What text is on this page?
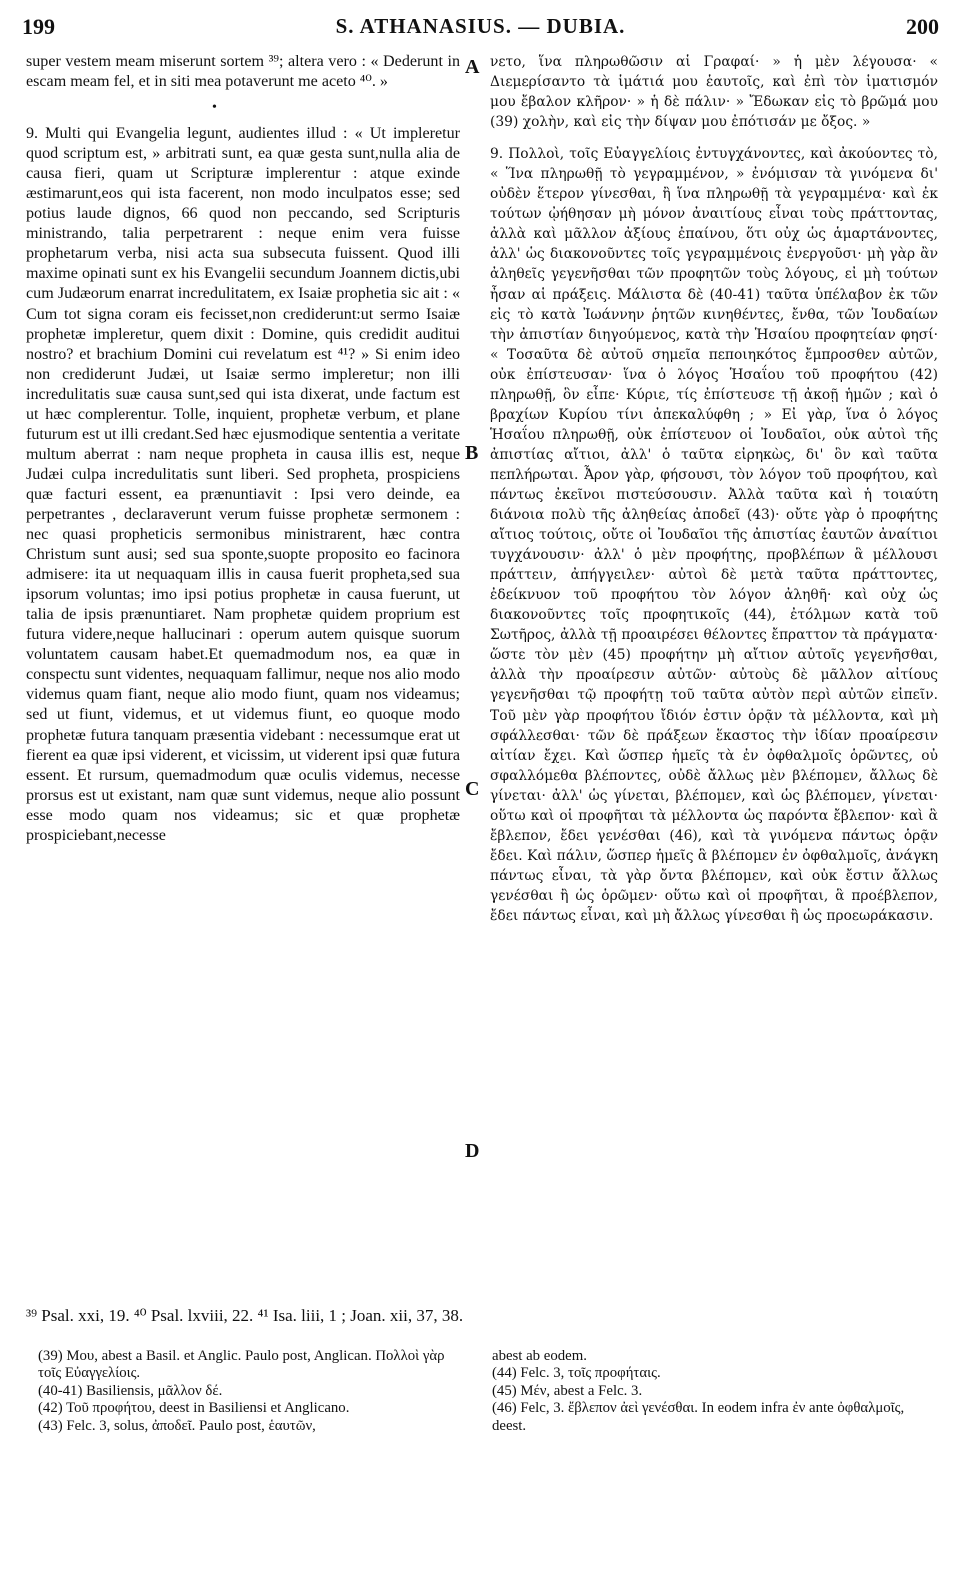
199	S. ATHANASIUS. — DUBIA.	200

super vestem meam miserunt sortem ³⁹; altera vero : « Dederunt in escam meam fel, et in siti mea potaverunt me aceto ⁴⁰. »

9. Multi qui Evangelia legunt, audientes illud : « Ut impleretur quod scriptum est, » arbitrati sunt, ea quæ gesta sunt,nulla alia de causa fieri, quam ut Scripturæ implerentur : atque exinde æstimarunt,eos qui ista facerent, non modo inculpatos esse; sed potius laude dignos, 66 quod non peccando, sed Scripturis ministrando, talia perpetrarent : neque enim vera fuisse prophetarum verba, nisi acta sua subsecuta fuissent. Quod illi maxime opinati sunt ex his Evangelii secundum Joannem dictis,ubi cum Judæorum enarrat incredulitatem, ex Isaiæ prophetia sic ait : « Cum tot signa coram eis fecisset,non crediderunt:ut sermo Isaiæ prophetæ impleretur, quem dixit : Domine, quis credidit auditui nostro? et brachium Domini cui revelatum est ⁴¹? » Si enim ideo non crediderunt Judæi, ut Isaiæ sermo impleretur; non illi incredulitatis suæ causa sunt,sed qui ista dixerat, unde factum est ut hæc complerentur. Tolle, inquient, prophetæ verbum, et plane futurum est ut illi credant.Sed hæc ejusmodique sententia a veritate multum aberrat : nam neque propheta in causa illis est, neque Judæi culpa incredulitatis sunt liberi. Sed propheta, prospiciens quæ facturi essent, ea prænuntiavit : Ipsi vero deinde, ea perpetrantes , declaraverunt verum fuisse prophetæ sermonem : nec quasi propheticis sermonibus ministrarent, hæc contra Christum sunt ausi; sed sua sponte,suopte proposito eo facinora admisere: ita ut nequaquam illis in causa fuerit propheta,sed sua ipsorum voluntas; imo ipsi potius prophetæ in causa fuerunt, ut talia de ipsis prænuntiaret. Nam prophetæ quidem proprium est futura videre,neque hallucinari : operum autem quisque suorum voluntatem causam habet.Et quemadmodum nos, ea quæ in conspectu sunt videntes, nequaquam fallimur, neque nos alio modo videmus quam fiant, neque alio modo fiunt, quam nos videamus; sed ut fiunt, videmus, et ut videmus fiunt, eo quoque modo prophetæ futura tanquam præsentia videbant : necessumque erat ut fierent ea quæ ipsi viderent, et vicissim, ut viderent ipsi quæ futura essent. Et rursum, quemadmodum quæ oculis videmus, necesse prorsus est ut existant, nam quæ sunt videmus, neque alio possunt esse modo quam nos videamus; sic et quæ prophetæ prospiciebant,necesse

•

νετο, ἵνα πληρωθῶσιν αἱ Γραφαί· » ἡ μὲν λέγουσα· « Διεμερίσαντο τὰ ἱμάτιά μου ἑαυτοῖς, καὶ ἐπὶ τὸν ἱματισμόν μου ἔβαλον κλῆρον· » ἡ δὲ πάλιν· » Ἔδωκαν εἰς τὸ βρῶμά μου (39) χολὴν, καὶ εἰς τὴν δίψαν μου ἐπότισάν με ὄξος. »

9. Πολλοὶ, τοῖς Εὐαγγελίοις ἐντυγχάνοντες, καὶ ἀκούοντες τὸ, « Ἵνα πληρωθῇ τὸ γεγραμμένον, » ἐνόμισαν τὰ γινόμενα δι' οὐδὲν ἕτερον γίνεσθαι, ἢ ἵνα πληρωθῇ τὰ γεγραμμένα· καὶ ἐκ τούτων ᾠήθησαν μὴ μόνον ἀναιτίους εἶναι τοὺς πράττοντας, ἀλλὰ καὶ μᾶλλον ἀξίους ἐπαίνου, ὅτι οὐχ ὡς ἁμαρτάνοντες, ἀλλ' ὡς διακονοῦντες τοῖς γεγραμμένοις ἐνεργοῦσι· μὴ γὰρ ἂν ἀληθεῖς γεγενῆσθαι τῶν προφητῶν τοὺς λόγους, εἰ μὴ τούτων ἦσαν αἱ πράξεις. Μάλιστα δὲ (40-41) ταῦτα ὑπέλαβον ἐκ τῶν εἰς τὸ κατὰ Ἰωάννην ῥητῶν κινηθέντες, ἔνθα, τῶν Ἰουδαίων τὴν ἀπιστίαν διηγούμενος, κατὰ τὴν Ἡσαίου προφητείαν φησί· « Τοσαῦτα δὲ αὐτοῦ σημεῖα πεποιηκότος ἔμπροσθεν αὐτῶν, οὐκ ἐπίστευσαν· ἵνα ὁ λόγος Ἡσαΐου τοῦ προφήτου (42) πληρωθῇ, ὃν εἶπε· Κύριε, τίς ἐπίστευσε τῇ ἀκοῇ ἡμῶν ; καὶ ὁ βραχίων Κυρίου τίνι ἀπεκαλύφθη ; » Εἰ γὰρ, ἵνα ὁ λόγος Ἡσαΐου πληρωθῇ, οὐκ ἐπίστευον οἱ Ἰουδαῖοι, οὐκ αὐτοὶ τῆς ἀπιστίας αἴτιοι, ἀλλ' ὁ ταῦτα εἰρηκὼς, δι' ὃν καὶ ταῦτα πεπλήρωται. Ἆρον γὰρ, φήσουσι, τὸν λόγον τοῦ προφήτου, καὶ πάντως ἐκεῖνοι πιστεύσουσιν. Ἀλλὰ ταῦτα καὶ ἡ τοιαύτη διάνοια πολὺ τῆς ἀληθείας ἀποδεῖ (43)· οὔτε γὰρ ὁ προφήτης αἴτιος τούτοις, οὔτε οἱ Ἰουδαῖοι τῆς ἀπιστίας ἑαυτῶν ἀναίτιοι τυγχάνουσιν· ἀλλ' ὁ μὲν προφήτης, προβλέπων ἃ μέλλουσι πράττειν, ἀπήγγειλεν· αὐτοὶ δὲ μετὰ ταῦτα πράττοντες, ἐδείκνυον τοῦ προφήτου τὸν λόγον ἀληθῆ· καὶ οὐχ ὡς διακονοῦντες τοῖς προφητικοῖς (44), ἐτόλμων κατὰ τοῦ Σωτῆρος, ἀλλὰ τῇ προαιρέσει θέλοντες ἔπραττον τὰ πράγματα· ὥστε τὸν μὲν (45) προφήτην μὴ αἴτιον αὐτοῖς γεγενῆσθαι, ἀλλὰ τὴν προαίρεσιν αὐτῶν· αὐτοὺς δὲ μᾶλλον αἰτίους γεγενῆσθαι τῷ προφήτῃ τοῦ ταῦτα αὐτὸν περὶ αὐτῶν εἰπεῖν. Τοῦ μὲν γὰρ προφήτου ἴδιόν ἐστιν ὁρᾷν τὰ μέλλοντα, καὶ μὴ σφάλλεσθαι· τῶν δὲ πράξεων ἕκαστος τὴν ἰδίαν προαίρεσιν αἰτίαν ἔχει. Καὶ ὥσπερ ἡμεῖς τὰ ἐν ὀφθαλμοῖς ὁρῶντες, οὐ σφαλλόμεθα βλέποντες, οὐδὲ ἄλλως μὲν βλέπομεν, ἄλλως δὲ γίνεται· ἀλλ' ὡς γίνεται, βλέπομεν, καὶ ὡς βλέπομεν, γίνεται· οὕτω καὶ οἱ προφῆται τὰ μέλλοντα ὡς παρόντα ἔβλεπον· καὶ ἃ ἔβλεπον, ἔδει γενέσθαι (46), καὶ τὰ γινόμενα πάντως ὁρᾷν ἔδει. Καὶ πάλιν, ὥσπερ ἡμεῖς ἃ βλέπομεν ἐν ὀφθαλμοῖς, ἀνάγκη πάντως εἶναι, τὰ γὰρ ὄντα βλέπομεν, καὶ οὐκ ἔστιν ἄλλως γενέσθαι ἢ ὡς ὁρῶμεν· οὕτω καὶ οἱ προφῆται, ἃ προέβλεπον, ἔδει πάντως εἶναι, καὶ μὴ ἄλλως γίνεσθαι ἢ ὡς προεωράκασιν.

A
B
C
D
³⁹ Psal. xxi, 19. ⁴⁰ Psal. lxviii, 22. ⁴¹ Isa. liii, 1 ; Joan. xii, 37, 38.

(39) Μου, abest a Basil. et Anglic. Paulo post, Anglican. Πολλοὶ γὰρ τοῖς Εὐαγγελίοις.

(40-41) Basiliensis, μᾶλλον δέ.

(42) Τοῦ προφήτου, deest in Basiliensi et Anglicano.

(43) Felc. 3, solus, ἀποδεῖ. Paulo post, ἑαυτῶν,

abest ab eodem.

(44) Felc. 3, τοῖς προφήταις.

(45) Μέν, abest a Felc. 3.

(46) Felc, 3. ἔβλεπον ἀεὶ γενέσθαι. In eodem infra ἐν ante ὀφθαλμοῖς, deest.
